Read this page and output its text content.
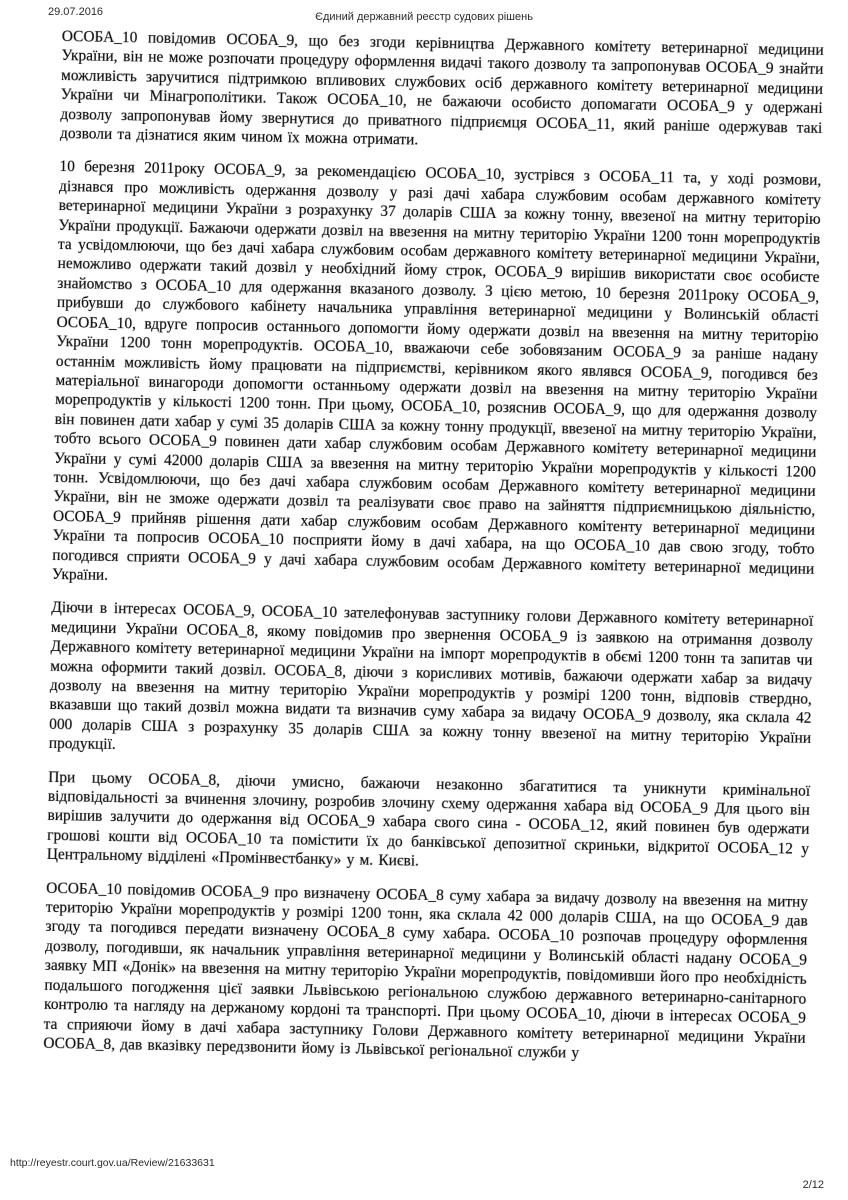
29.07.2016	Єдиний державний реєстр судових рішень

ОСОБА_10 повідомив ОСОБА_9, що без згоди керівництва Державного комітету ветеринарної медицини України, він не може розпочати процедуру оформлення видачі такого дозволу та запропонував ОСОБА_9 знайти можливість заручитися підтримкою впливових службових осіб державного комітету ветеринарної медицини України чи Мінагрополітики. Також ОСОБА_10, не бажаючи особисто допомагати ОСОБА_9 у одержані дозволу запропонував йому звернутися до приватного підприємця ОСОБА_11, який раніше одержував такі дозволи та дізнатися яким чином їх можна отримати.

10 березня 2011року ОСОБА_9, за рекомендацією ОСОБА_10, зустрівся з ОСОБА_11 та, у ході розмови, дізнався про можливість одержання дозволу у разі дачі хабара службовим особам державного комітету ветеринарної медицини України з розрахунку 37 доларів США за кожну тонну, ввезеної на митну територію України продукції. Бажаючи одержати дозвіл на ввезення на митну територію України 1200 тонн морепродуктів та усвідомлюючи, що без дачі хабара службовим особам державного комітету ветеринарної медицини України, неможливо одержати такий дозвіл у необхідний йому строк, ОСОБА_9 вирішив використати своє особисте знайомство з ОСОБА_10 для одержання вказаного дозволу. З цією метою, 10 березня 2011року ОСОБА_9, прибувши до службового кабінету начальника управління ветеринарної медицини у Волинській області ОСОБА_10, вдруге попросив останнього допомогти йому одержати дозвіл на ввезення на митну територію України 1200 тонн морепродуктів. ОСОБА_10, вважаючи себе зобовязаним ОСОБА_9 за раніше надану останнім можливість йому працювати на підприємстві, керівником якого являвся ОСОБА_9, погодився без матеріальної винагороди допомогти останньому одержати дозвіл на ввезення на митну територію України морепродуктів у кількості 1200 тонн. При цьому, ОСОБА_10, розяснив ОСОБА_9, що для одержання дозволу він повинен дати хабар у сумі 35 доларів США за кожну тонну продукції, ввезеної на митну територію України, тобто всього ОСОБА_9 повинен дати хабар службовим особам Державного комітету ветеринарної медицини України у сумі 42000 доларів США за ввезення на митну територію України морепродуктів у кількості 1200 тонн. Усвідомлюючи, що без дачі хабара службовим особам Державного комітету ветеринарної медицини України, він не зможе одержати дозвіл та реалізувати своє право на зайняття підприємницькою діяльністю, ОСОБА_9 прийняв рішення дати хабар службовим особам Державного комітенту ветеринарної медицини України та попросив ОСОБА_10 посприяти йому в дачі хабара, на що ОСОБА_10 дав свою згоду, тобто погодився сприяти ОСОБА_9 у дачі хабара службовим особам Державного комітету ветеринарної медицини України.

Діючи в інтересах ОСОБА_9, ОСОБА_10 зателефонував заступнику голови Державного комітету ветеринарної медицини України ОСОБА_8, якому повідомив про звернення ОСОБА_9 із заявкою на отримання дозволу Державного комітету ветеринарної медицини України на імпорт морепродуктів в обємі 1200 тонн та запитав чи можна оформити такий дозвіл. ОСОБА_8, діючи з корисливих мотивів, бажаючи одержати хабар за видачу дозволу на ввезення на митну територію України морепродуктів у розмірі 1200 тонн, відповів ствердно, вказавши що такий дозвіл можна видати та визначив суму хабара за видачу ОСОБА_9 дозволу, яка склала 42 000 доларів США з розрахунку 35 доларів США за кожну тонну ввезеної на митну територію України продукції.

При цьому ОСОБА_8, діючи умисно, бажаючи незаконно збагатитися та уникнути кримінальної відповідальності за вчинення злочину, розробив злочину схему одержання хабара від ОСОБА_9 Для цього він вирішив залучити до одержання від ОСОБА_9 хабара свого сина - ОСОБА_12, який повинен був одержати грошові кошти від ОСОБА_10 та помістити їх до банківської депозитної скриньки, відкритої ОСОБА_12 у Центральному відділені «Промінвестбанку» у м. Києві.

ОСОБА_10 повідомив ОСОБА_9 про визначену ОСОБА_8 суму хабара за видачу дозволу на ввезення на митну територію України морепродуктів у розмірі 1200 тонн, яка склала 42 000 доларів США, на що ОСОБА_9 дав згоду та погодився передати визначену ОСОБА_8 суму хабара. ОСОБА_10 розпочав процедуру оформлення дозволу, погодивши, як начальник управління ветеринарної медицини у Волинській області надану ОСОБА_9 заявку МП «Донік» на ввезення на митну територію України морепродуктів, повідомивши його про необхідність подальшого погодження цієї заявки Львівською регіональною службою державного ветеринарно-санітарного контролю та нагляду на держаному кордоні та транспорті. При цьому ОСОБА_10, діючи в інтересах ОСОБА_9 та сприяючи йому в дачі хабара заступнику Голови Державного комітету ветеринарної медицини України ОСОБА_8, дав вказівку передзвонити йому із Львівської регіональної служби у

http://reyestr.court.gov.ua/Review/21633631
2/12
